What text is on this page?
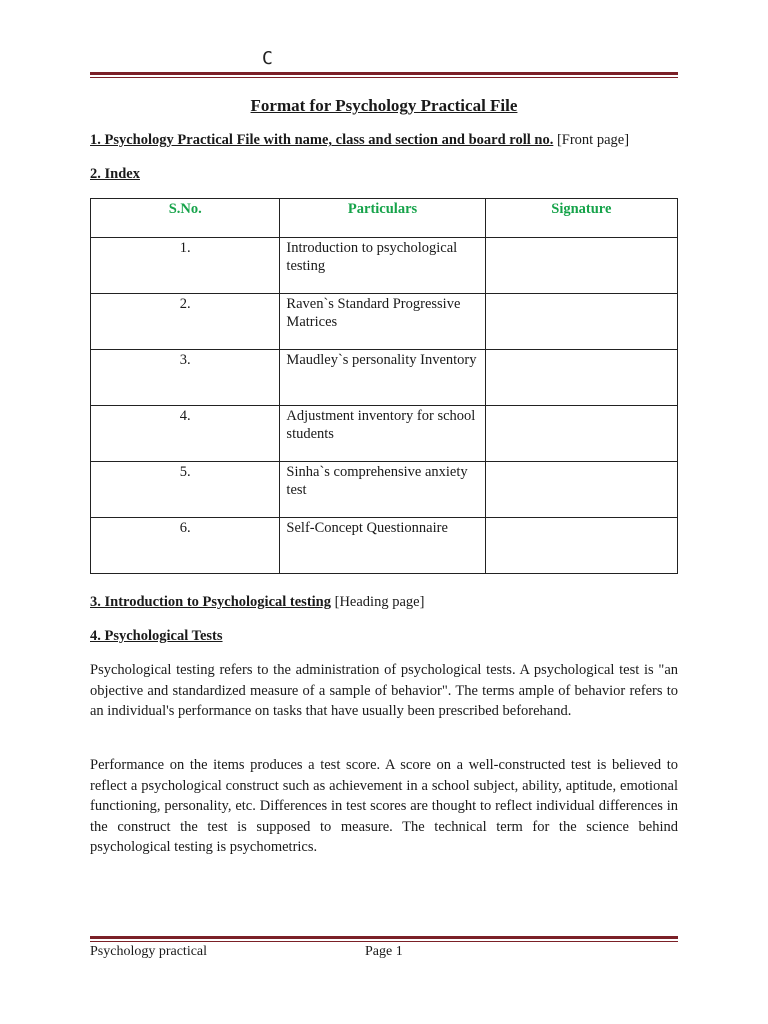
C
Format for Psychology Practical File
1. Psychology Practical File with name, class and section and board roll no. [Front page]
2. Index
S.No.	Particulars	Signature
1.	Introduction to psychological testing	
2.	Raven`s Standard Progressive Matrices	
3.	Maudley`s personality Inventory	
4.	Adjustment inventory for school students	
5.	Sinha`s comprehensive anxiety test	
6.	Self-Concept Questionnaire	
3. Introduction to Psychological testing [Heading page]
4. Psychological Tests

Psychological testing refers to the administration of psychological tests. A psychological test is "an objective and standardized measure of a sample of behavior". The terms ample of behavior refers to an individual's performance on tasks that have usually been prescribed beforehand.

Performance on the items produces a test score. A score on a well-constructed test is believed to reflect a psychological construct such as achievement in a school subject, ability, aptitude, emotional functioning, personality, etc. Differences in test scores are thought to reflect individual differences in the construct the test is supposed to measure. The technical term for the science behind psychological testing is psychometrics.

Psychology practical	Page 1
